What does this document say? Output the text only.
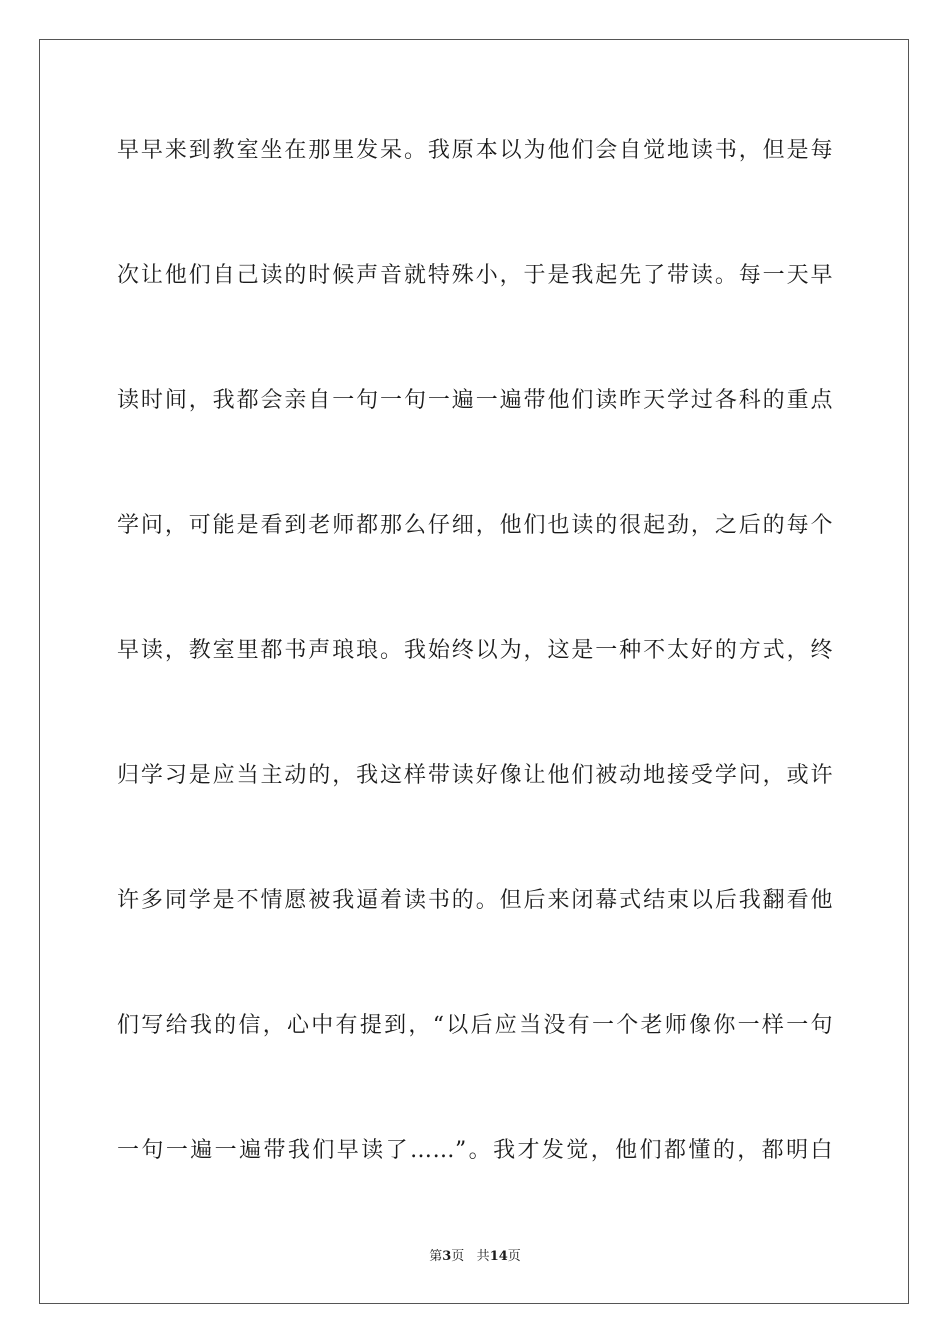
早早来到教室坐在那里发呆。我原本以为他们会自觉地读书，但是每
次让他们自己读的时候声音就特殊小，于是我起先了带读。每一天早
读时间，我都会亲自一句一句一遍一遍带他们读昨天学过各科的重点
学问，可能是看到老师都那么仔细，他们也读的很起劲，之后的每个
早读，教室里都书声琅琅。我始终以为，这是一种不太好的方式，终
归学习是应当主动的，我这样带读好像让他们被动地接受学问，或许
许多同学是不情愿被我逼着读书的。但后来闭幕式结束以后我翻看他
们写给我的信，心中有提到，“以后应当没有一个老师像你一样一句
一句一遍一遍带我们早读了……”。我才发觉，他们都懂的，都明白
第3页 共14页
